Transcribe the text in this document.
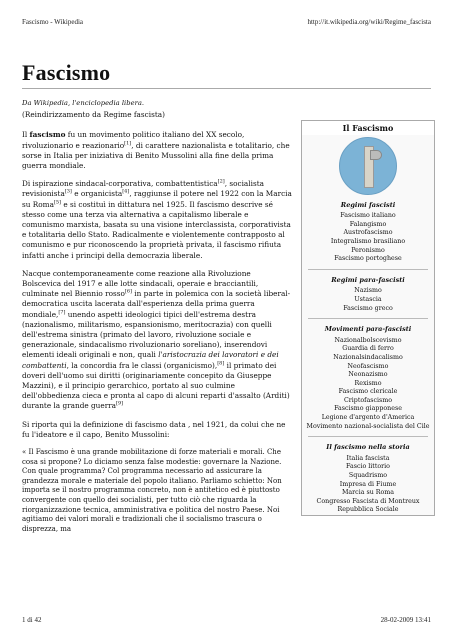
Fascismo - Wikipedia	http://it.wikipedia.org/wiki/Regime_fascista
Fascismo

Da Wikipedia, l'enciclopedia libera.

(Reindirizzamento da Regime fascista)

Il fascismo fu un movimento politico italiano del XX secolo, rivoluzionario e reazionario[1], di carattere nazionalista e totalitario, che sorse in Italia per iniziativa di Benito Mussolini alla fine della prima guerra mondiale.

Di ispirazione sindacal-corporativa, combattentistica[2], socialista revisionista[3] e organicista[4], raggiunse il potere nel 1922 con la Marcia su Roma[5] e si costituì in dittatura nel 1925. Il fascismo descrive sé stesso come una terza via alternativa a capitalismo liberale e comunismo marxista, basata su una visione interclassista, corporativista e totalitaria dello Stato. Radicalmente e violentemente contrapposto al comunismo e pur riconoscendo la proprietà privata, il fascismo rifiuta infatti anche i principi della democrazia liberale.

Nacque contemporaneamente come reazione alla Rivoluzione Bolscevica del 1917 e alle lotte sindacali, operaie e bracciantili, culminate nel Biennio rosso[6] in parte in polemica con la società liberal-democratica uscita lacerata dall'esperienza della prima guerra mondiale,[7] unendo aspetti ideologici tipici dell'estrema destra (nazionalismo, militarismo, espansionismo, meritocrazia) con quelli dell'estrema sinistra (primato del lavoro, rivoluzione sociale e generazionale, sindacalismo rivoluzionario soreliano), inserendovi elementi ideali originali e non, quali l'aristocrazia dei lavoratori e dei combattenti, la concordia fra le classi (organicismo),[8] il primato dei doveri dell'uomo sui diritti (originariamente concepito da Giuseppe Mazzini), e il principio gerarchico, portato al suo culmine dell'obbedienza cieca e pronta al capo di alcuni reparti d'assalto (Arditi) durante la grande guerra[9]

Si riporta qui la definizione di fascismo data , nel 1921, da colui che ne fu l'ideatore e il capo, Benito Mussolini:

« Il Fascismo è una grande mobilitazione di forze materiali e morali. Che cosa si propone? Lo diciamo senza false modestie: governare la Nazione. Con quale programma? Col programma necessario ad assicurare la grandezza morale e materiale del popolo italiano. Parliamo schietto: Non importa se il nostro programma concreto, non è antitetico ed è piuttosto convergente con quello dei socialisti, per tutto ciò che riguarda la riorganizzazione tecnica, amministrativa e politica del nostro Paese. Noi agitiamo dei valori morali e tradizionali che il socialismo trascura o disprezza, ma

Il Fascismo
Regimi fascisti
Fascismo italiano
Falangismo
Austrofascismo
Integralismo brasiliano
Peronismo
Fascismo portoghese
Regimi para-fascisti
Nazismo
Ustascia
Fascismo greco
Movimenti para-fascisti
Nazionalbolscevismo
Guardia di ferro
Nazionalsindacalismo
Neofascismo
Neonazismo
Rexismo
Fascismo clericale
Criptofascismo
Fascismo giapponese
Legione d'argento d'America
Movimento nazional-socialista del Cile
Il fascismo nella storia
Italia fascista
Fascio littorio
Squadrismo
Impresa di Fiume
Marcia su Roma
Congresso Fascista di Montreux
Repubblica Sociale
1 di 42	28-02-2009 13:41
